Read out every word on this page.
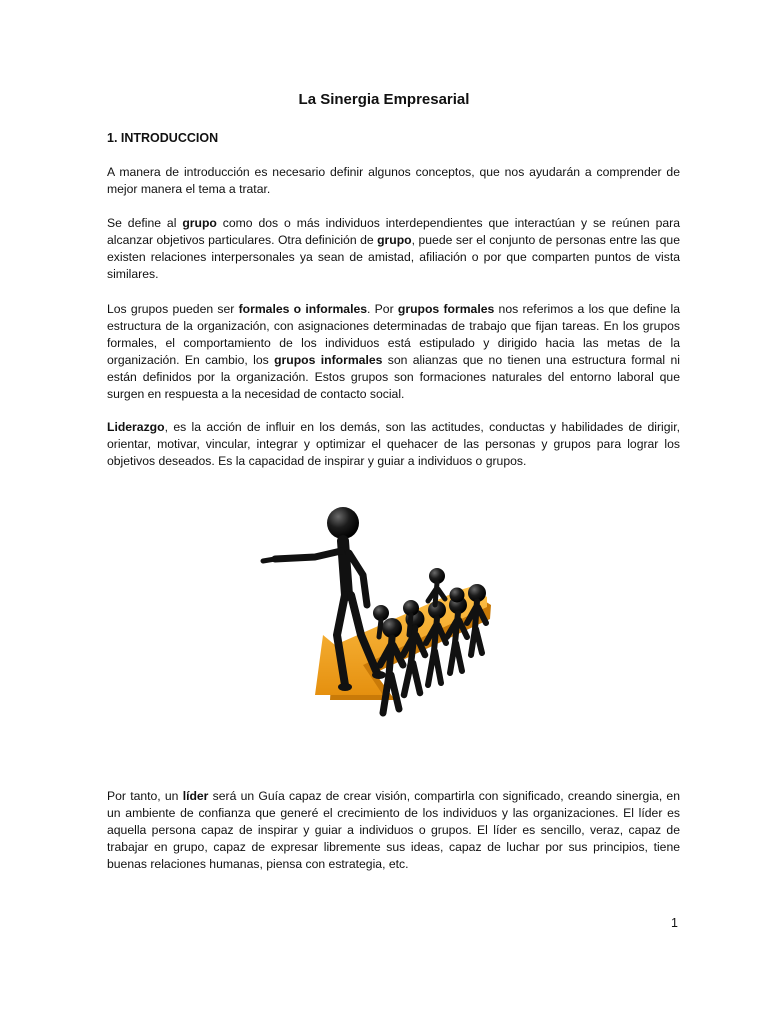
La Sinergia Empresarial
1. INTRODUCCION

A manera de introducción es necesario definir algunos conceptos, que nos ayudarán a comprender de mejor manera el tema a tratar.

Se define al grupo como dos o más individuos interdependientes que interactúan y se reúnen para alcanzar objetivos particulares. Otra definición de grupo, puede ser el conjunto de personas entre las que existen relaciones interpersonales ya sean de amistad, afiliación o por que comparten puntos de vista similares.

Los grupos pueden ser formales o informales. Por grupos formales nos referimos a los que define la estructura de la organización, con asignaciones determinadas de trabajo que fijan tareas. En los grupos formales, el comportamiento de los individuos está estipulado y dirigido hacia las metas de la organización. En cambio, los grupos informales son alianzas que no tienen una estructura formal ni están definidos por la organización. Estos grupos son formaciones naturales del entorno laboral que surgen en respuesta a la necesidad de contacto social.

Liderazgo, es la acción de influir en los demás, son las actitudes, conductas y habilidades de dirigir, orientar, motivar, vincular, integrar y optimizar el quehacer de las personas y grupos para lograr los objetivos deseados. Es la capacidad de inspirar y guiar a individuos o grupos.

Por tanto, un líder será un Guía capaz de crear visión, compartirla con significado, creando sinergia, en un ambiente de confianza que generé el crecimiento de los individuos y las organizaciones. El líder es aquella persona capaz de inspirar y guiar a individuos o grupos. El líder es sencillo, veraz, capaz de trabajar en grupo, capaz de expresar libremente sus ideas, capaz de luchar por sus principios, tiene buenas relaciones humanas, piensa con estrategia, etc.

1
